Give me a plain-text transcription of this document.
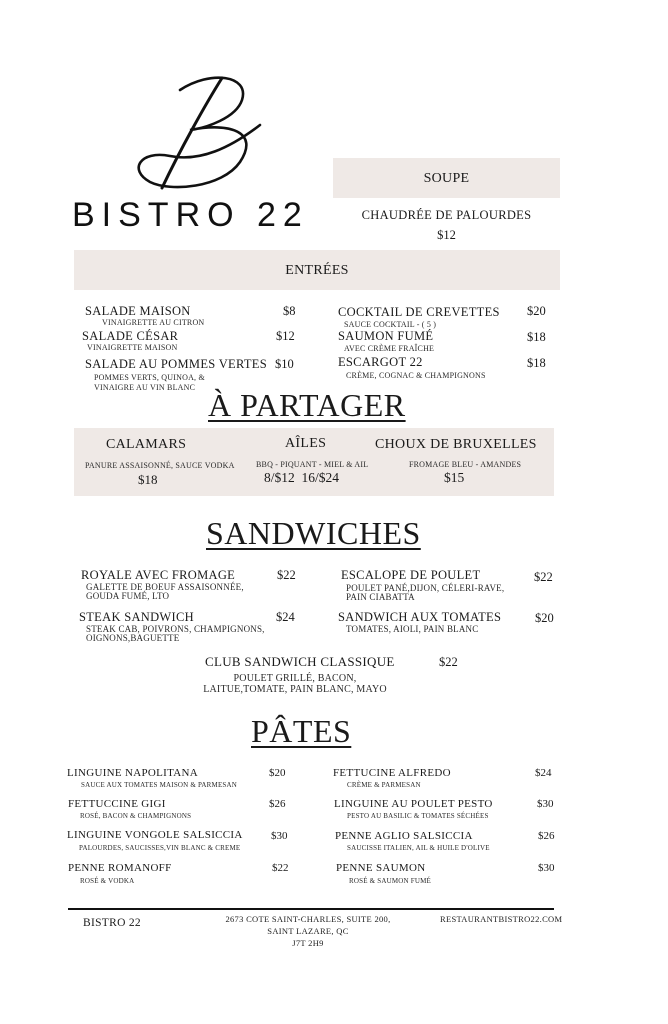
BISTRO 22
SOUPE
CHAUDRÉE DE PALOURDES
$12
ENTRÉES
SALADE MAISON	$8
VINAIGRETTE AU CITRON
SALADE CÉSAR	$12
VINAIGRETTE MAISON
SALADE AU POMMES VERTES $10
POMMES VERTS, QUINOA, &
VINAIGRE AU VIN BLANC
COCKTAIL DE CREVETTES $20
SAUCE COCKTAIL - ( 5 )
SAUMON FUMÉ	$18
AVEC CRÈME FRAÎCHE
ESCARGOT 22	$18
CRÈME, COGNAC & CHAMPIGNONS
À PARTAGER
CALAMARS
PANURE ASSAISONNÉ, SAUCE VODKA
$18
AÎLES
BBQ - PIQUANT - MIEL & AIL
8/$12  16/$24
CHOUX DE BRUXELLES
FROMAGE BLEU - AMANDES
$15
SANDWICHES
ROYALE AVEC FROMAGE	$22
GALETTE DE BOEUF ASSAISONNÉE,
GOUDA FUMÉ, LTO
STEAK SANDWICH	$24
STEAK CAB, POIVRONS, CHAMPIGNONS,
OIGNONS,BAGUETTE
ESCALOPE DE POULET	$22
POULET PANÉ,DIJON, CÉLERI-RAVE,
PAIN CIABATTA
SANDWICH AUX TOMATES	$20
TOMATES, AIOLI, PAIN BLANC
CLUB SANDWICH CLASSIQUE	$22
POULET GRILLÉ, BACON,
LAITUE,TOMATE, PAIN BLANC, MAYO
PÂTES
LINGUINE NAPOLITANA	$20
SAUCE AUX TOMATES MAISON & PARMESAN
FETTUCCINE GIGI	$26
ROSÉ, BACON & CHAMPIGNONS
LINGUINE VONGOLE SALSICCIA	$30
PALOURDES, SAUCISSES,VIN BLANC & CREME
PENNE ROMANOFF	$22
ROSÉ & VODKA
FETTUCINE ALFREDO	$24
CRÈME & PARMESAN
LINGUINE AU POULET PESTO	$30
PESTO AU BASILIC & TOMATES SÉCHÉES
PENNE AGLIO SALSICCIA	$26
SAUCISSE ITALIEN, AIL & HUILE D'OLIVE
PENNE SAUMON	$30
ROSÉ & SAUMON FUMÉ
BISTRO 22	2673 COTE SAINT-CHARLES, SUITE 200,
SAINT LAZARE, QC
J7T 2H9
RESTAURANTBISTRO22.COM
